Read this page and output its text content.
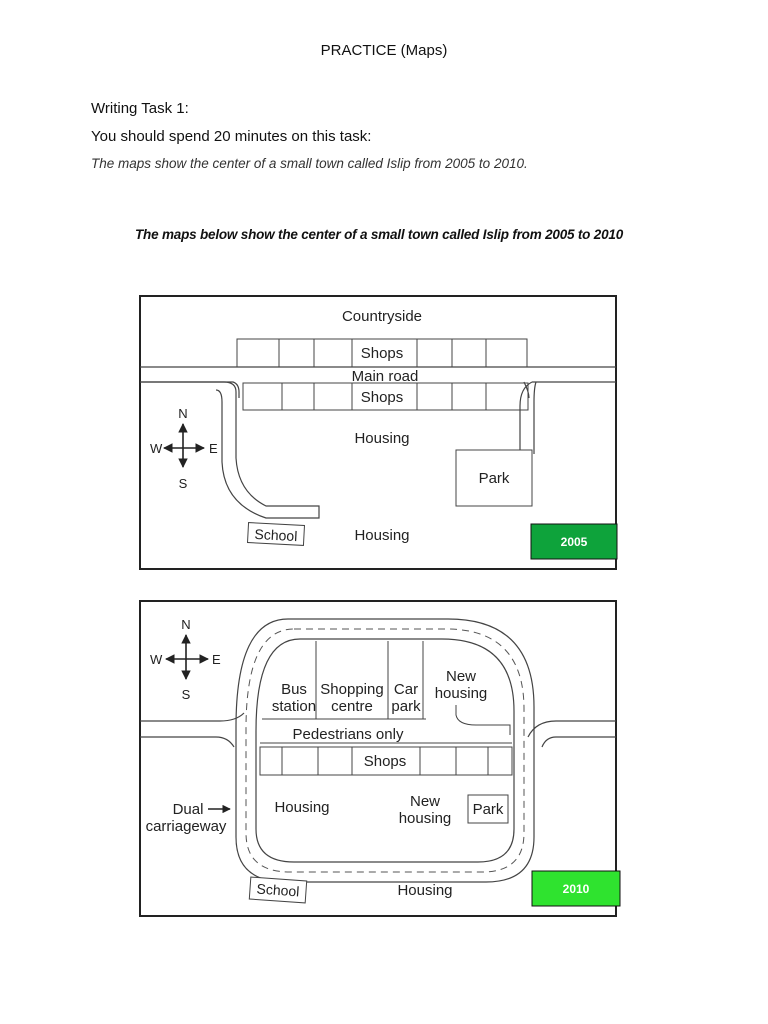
PRACTICE (Maps)
Writing Task 1:
You should spend 20 minutes on this task:
The maps show the center of a small town called Islip from 2005 to 2010.
The maps below show the center of a small town called Islip from 2005 to 2010
N
S
W	E
Countryside
Shops
Main road
Shops
Housing
Park
School	Housing	2005
N
S
W	E
Bus
station
Shopping
centre
Car
park
New
housing
Pedestrians only
Shops
Dual
carriageway
Housing	New
housing
Park
School	Housing	2010
